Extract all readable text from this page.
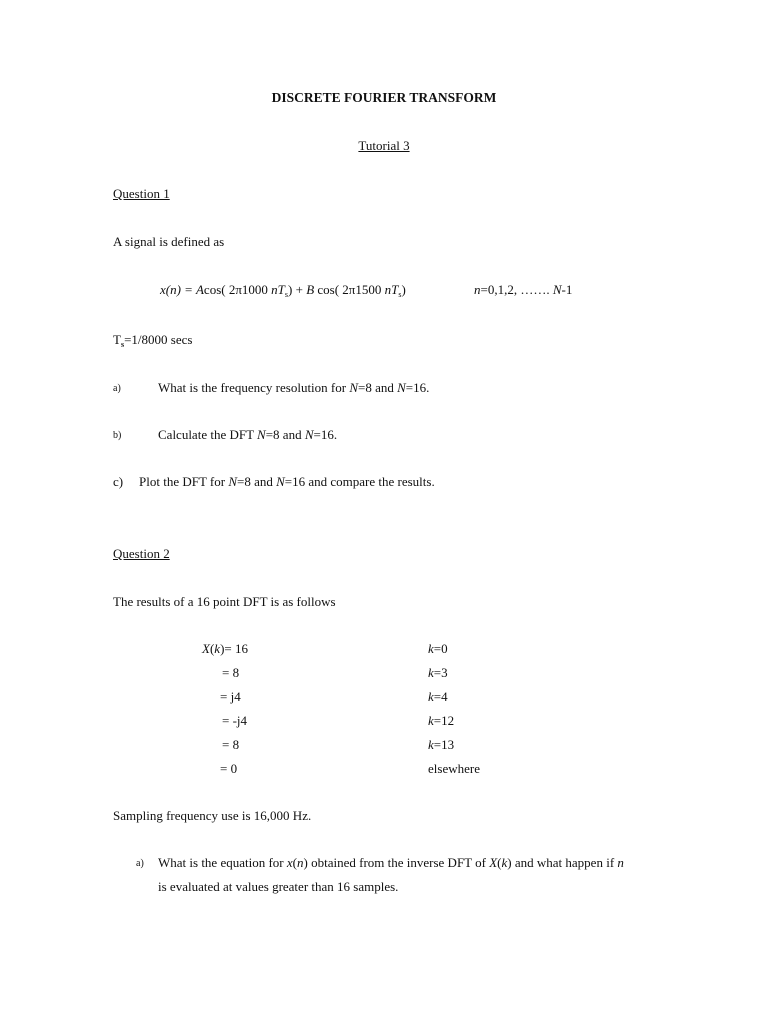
DISCRETE FOURIER TRANSFORM
Tutorial 3
Question 1
A signal is defined as
x(n) = Acos( 2π1000 $nT_s) + B$ cos( 2π1500 $nT_s$)	n=0,1,2, ……. N-1
$T_s=1/8000$ secs
a)	What is the frequency resolution for N=8 and N=16.
b)	Calculate the DFT N=8 and N=16.
c) Plot the DFT for N=8 and N=16 and compare the results.
Question 2
The results of a 16 point DFT is as follows
X(k)= 16	k=0
= 8	k=3
= j4	k=4
= -j4	k=12
= 8	k=13
= 0	elsewhere
Sampling frequency use is 16,000 Hz.
a) What is the equation for x(n) obtained from the inverse DFT of X(k) and what happen if n
is evaluated at values greater than 16 samples.
